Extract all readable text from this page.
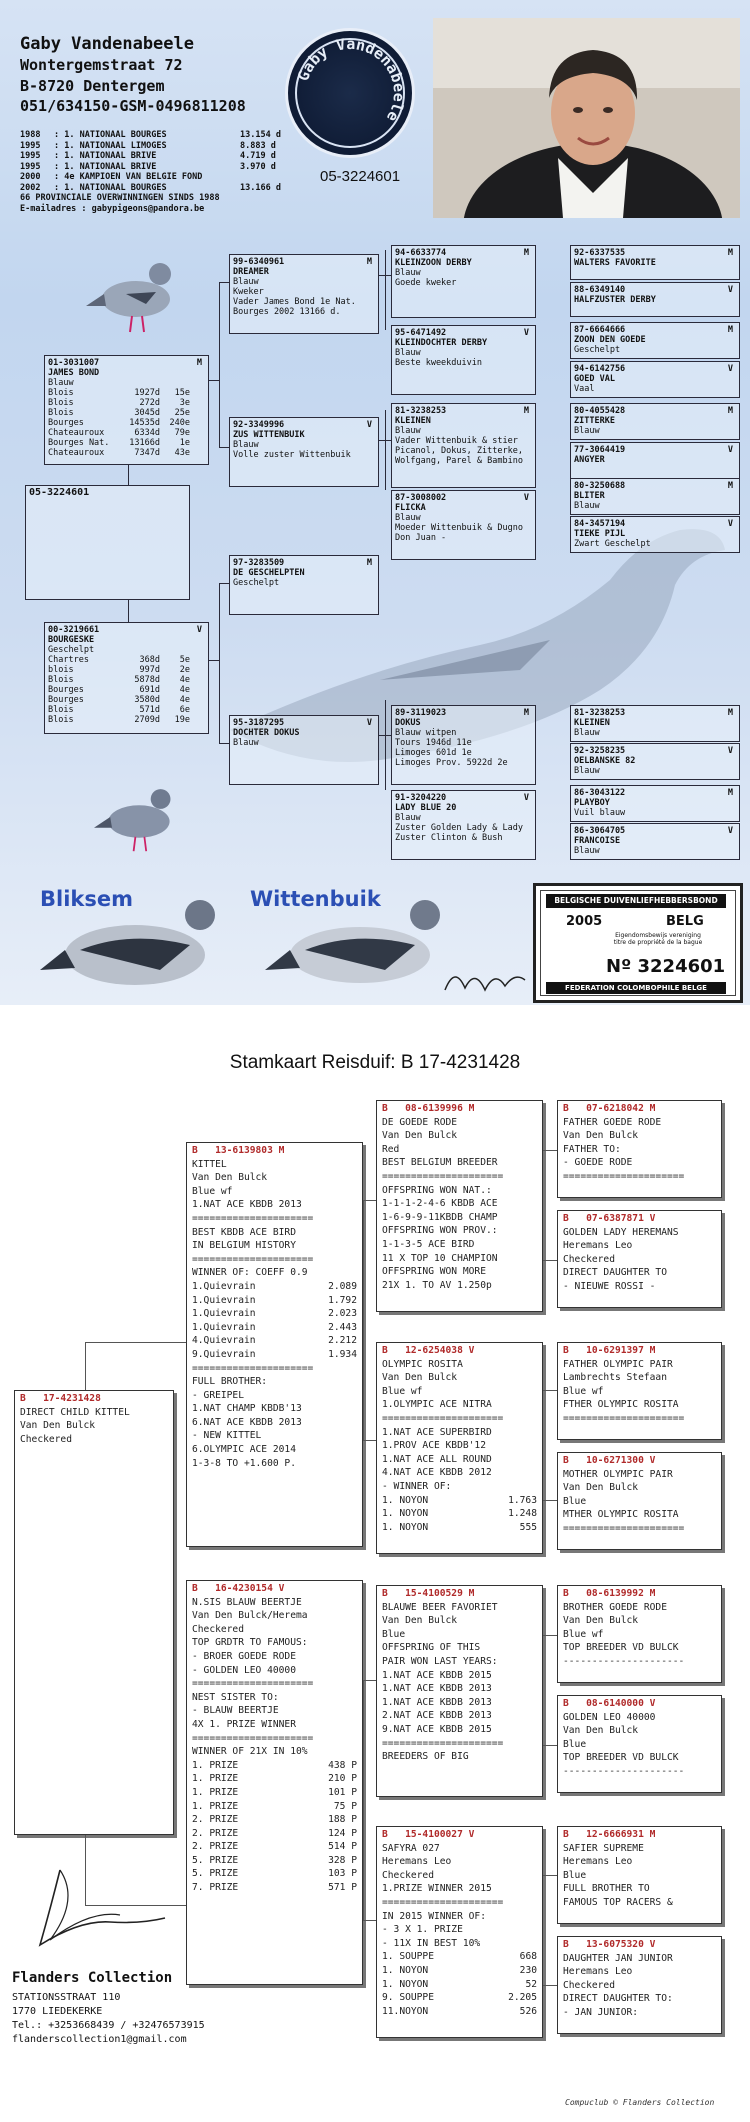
Gaby Vandenabeele
Wontergemstraat 72
B-8720 Dentergem
051/634150-GSM-0496811208
1988	: 1. NATIONAAL BOURGES	13.154 d
1995	: 1. NATIONAAL LIMOGES	8.883 d
1995	: 1. NATIONAAL BRIVE	4.719 d
1995	: 1. NATIONAAL BRIVE	3.970 d
2000	: 4e KAMPIOEN VAN BELGIE FOND
2002	: 1. NATIONAAL BOURGES	13.166 d
66 PROVINCIALE OVERWINNINGEN SINDS 1988
E-mailadres : gabypigeons@pandora.be
Gaby Vandenabeele
05-3224601
01-3031007	M
JAMES BOND
Blauw
Blois	1927d	15e
Blois	272d	3e
Blois	3045d	25e
Bourges	14535d	240e
Chateauroux	6334d	79e
Bourges Nat.	13166d	1e
Chateauroux	7347d	43e
05-3224601
00-3219661	V
BOURGESKE
Geschelpt
Chartres	368d	5e
blois	997d	2e
Blois	5878d	4e
Bourges	691d	4e
Bourges	3580d	4e
Blois	571d	6e
Blois	2709d	19e
99-6340961	M
DREAMER
Blauw
Kweker
Vader James Bond 1e Nat.
Bourges 2002 13166 d.
92-3349996	V
ZUS WITTENBUIK
Blauw
Volle zuster Wittenbuik
97-3283509	M
DE GESCHELPTEN
Geschelpt
95-3187295	V
DOCHTER DOKUS
Blauw
94-6633774	M
KLEINZOON DERBY
Blauw
Goede kweker
95-6471492	V
KLEINDOCHTER DERBY
Blauw
Beste kweekduivin
81-3238253	M
KLEINEN
Blauw
Vader Wittenbuik & stier
Picanol, Dokus, Zitterke,
Wolfgang, Parel & Bambino
87-3008002	V
FLICKA
Blauw
Moeder Wittenbuik & Dugno
Don Juan -
89-3119023	M
DOKUS
Blauw witpen
Tours 1946d 11e
Limoges 601d 1e
Limoges Prov. 5922d 2e
91-3204220	V
LADY BLUE 20
Blauw
Zuster Golden Lady & Lady
Zuster Clinton & Bush
92-6337535	M
WALTERS FAVORITE
88-6349140	V
HALFZUSTER DERBY
87-6664666	M
ZOON DEN GOEDE
Geschelpt
94-6142756	V
GOED VAL
Vaal
80-4055428	M
ZITTERKE
Blauw
77-3064419	V
ANGYER
80-3250688	M
BLITER
Blauw
84-3457194	V
TIEKE PIJL
Zwart Geschelpt
81-3238253	M
KLEINEN
Blauw
92-3258235	V
OELBANSKE 82
Blauw
86-3043122	M
PLAYBOY
Vuil blauw
86-3064705	V
FRANCOISE
Blauw
Bliksem	Wittenbuik	BELGISCHE DUIVENLIEFHEBBERSBOND
2005	BELG
Eigendomsbewijs vereniging titre de propriété de la bague
Nº 3224601
FEDERATION COLOMBOPHILE BELGE
Stamkaart Reisduif: B 17-4231428
B   17-4231428
DIRECT CHILD KITTEL
Van Den Bulck
Checkered
B   13-6139803 M
KITTEL
Van Den Bulck
Blue wf
1.NAT ACE KBDB 2013
=====================
BEST KBDB ACE BIRD
IN BELGIUM HISTORY
=====================
WINNER OF: COEFF 0.9
1.Quievrain	2.089
1.Quievrain	1.792
1.Quievrain	2.023
1.Quievrain	2.443
4.Quievrain	2.212
9.Quievrain	1.934
=====================
FULL BROTHER:
- GREIPEL
1.NAT CHAMP KBDB'13
6.NAT ACE KBDB 2013
- NEW KITTEL
6.OLYMPIC ACE 2014
1-3-8 TO +1.600 P.
B   16-4230154 V
N.SIS BLAUW BEERTJE
Van Den Bulck/Herema
Checkered
TOP GRDTR TO FAMOUS:
- BROER GOEDE RODE
- GOLDEN LEO 40000
=====================
NEST SISTER TO:
- BLAUW BEERTJE
4X 1. PRIZE WINNER
=====================
WINNER OF 21X IN 10%
1. PRIZE	438 P
1. PRIZE	210 P
1. PRIZE	101 P
1. PRIZE	75 P
2. PRIZE	188 P
2. PRIZE	124 P
2. PRIZE	514 P
5. PRIZE	328 P
5. PRIZE	103 P
7. PRIZE	571 P
B   08-6139996 M
DE GOEDE RODE
Van Den Bulck
Red
BEST BELGIUM BREEDER
=====================
OFFSPRING WON NAT.:
1-1-1-2-4-6 KBDB ACE
1-6-9-9-11KBDB CHAMP
OFFSPRING WON PROV.:
1-1-3-5 ACE BIRD
11 X TOP 10 CHAMPION
OFFSPRING WON MORE
21X 1. TO AV 1.250p
B   12-6254038 V
OLYMPIC ROSITA
Van Den Bulck
Blue wf
1.OLYMPIC ACE NITRA
=====================
1.NAT ACE SUPERBIRD
1.PROV ACE KBDB'12
1.NAT ACE ALL ROUND
4.NAT ACE KBDB 2012
- WINNER OF:
1. NOYON	1.763
1. NOYON	1.248
1. NOYON	555
B   15-4100529 M
BLAUWE BEER FAVORIET
Van Den Bulck
Blue
OFFSPRING OF THIS
PAIR WON LAST YEARS:
1.NAT ACE KBDB 2015
1.NAT ACE KBDB 2013
1.NAT ACE KBDB 2013
2.NAT ACE KBDB 2013
9.NAT ACE KBDB 2015
=====================
BREEDERS OF BIG
B   15-4100027 V
SAFYRA 027
Heremans Leo
Checkered
1.PRIZE WINNER 2015
=====================
IN 2015 WINNER OF:
- 3 X 1. PRIZE
- 11X IN BEST 10%
1. SOUPPE	668
1. NOYON	230
1. NOYON	52
9. SOUPPE	2.205
11.NOYON	526
B   07-6218042 M
FATHER GOEDE RODE
Van Den Bulck
FATHER TO:
- GOEDE RODE
=====================
B   07-6387871 V
GOLDEN LADY HEREMANS
Heremans Leo
Checkered
DIRECT DAUGHTER TO
- NIEUWE ROSSI -
B   10-6291397 M
FATHER OLYMPIC PAIR
Lambrechts Stefaan
Blue wf
FTHER OLYMPIC ROSITA
=====================
B   10-6271300 V
MOTHER OLYMPIC PAIR
Van Den Bulck
Blue
MTHER OLYMPIC ROSITA
=====================
B   08-6139992 M
BROTHER GOEDE RODE
Van Den Bulck
Blue wf
TOP BREEDER VD BULCK
---------------------
B   08-6140000 V
GOLDEN LEO 40000
Van Den Bulck
Blue
TOP BREEDER VD BULCK
---------------------
B   12-6666931 M
SAFIER SUPREME
Heremans Leo
Blue
FULL BROTHER TO
FAMOUS TOP RACERS &
B   13-6075320 V
DAUGHTER JAN JUNIOR
Heremans Leo
Checkered
DIRECT DAUGHTER TO:
- JAN JUNIOR:
Flanders Collection
STATIONSSTRAAT 110
1770 LIEDEKERKE
Tel.: +3253668439 / +32476573915
flanderscollection1@gmail.com
Compuclub © Flanders Collection
